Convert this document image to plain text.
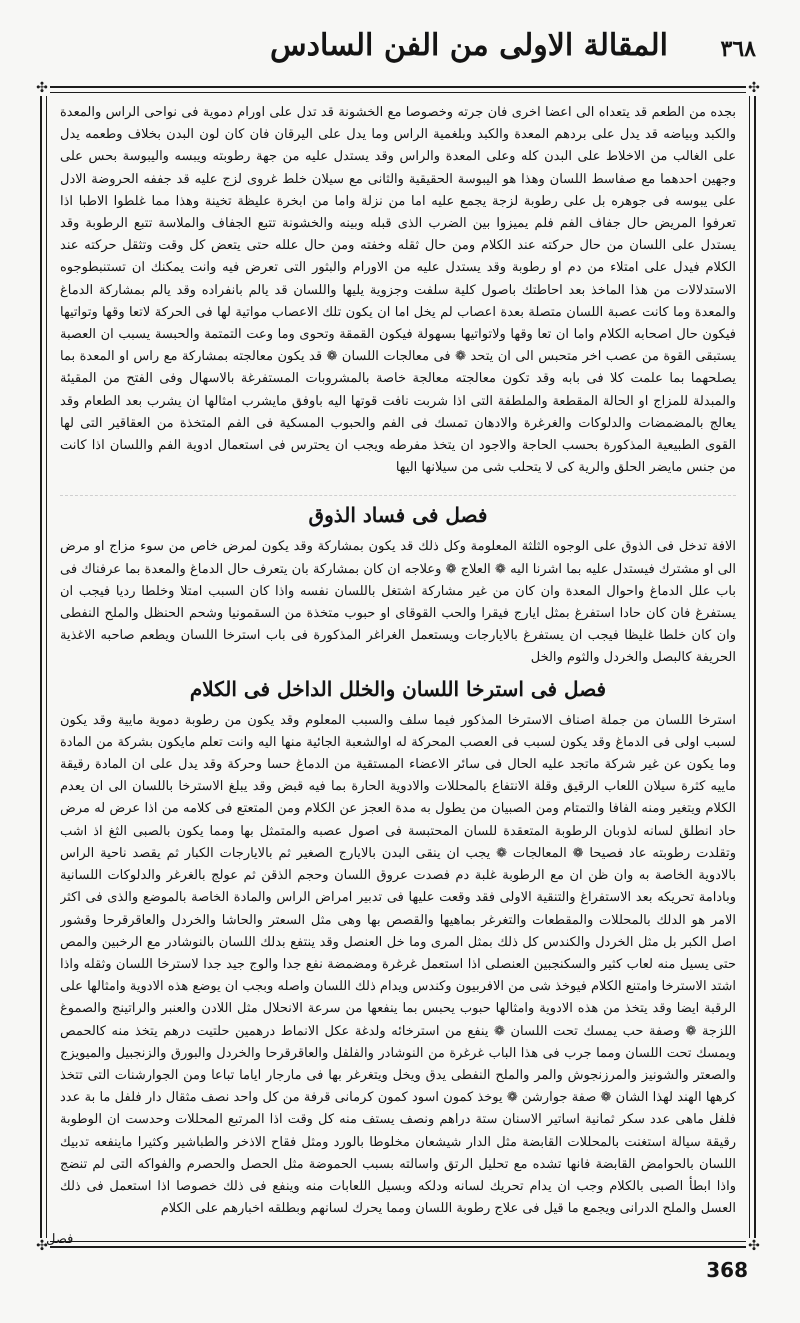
المقالة الاولى من الفن السادس ٣٦٨
✣	✣
✣	✣

بجده من الطعم قد يتعداه الى اعضا اخرى فان جرته وخصوصا مع الخشونة قد تدل على اورام دموية فى نواحى الراس والمعدة والكبد وبياضه قد يدل على بردهم المعدة والكبد وبلغمية الراس وما يدل على اليرقان فان كان لون البدن بخلاف وطعمه يدل على الغالب من الاخلاط على البدن كله وعلى المعدة والراس وقد يستدل عليه من جهة رطوبته ويبسه واليبوسة بحس على وجهين احدهما مع صفاسط اللسان وهذا هو اليبوسة الحقيقية والثانى مع سيلان خلط غروى لزج عليه قد جففه الحروضة الادل على يبوسه فى جوهره بل على رطوبة لزجة يجمع عليه اما من نزلة واما من ابخرة عليظة تخينة وهذا مما غلطوا الاطبا اذا تعرفوا المريض حال جفاف الفم فلم يميزوا بين الضرب الذى قبله وبينه والخشونة تتبع الجفاف والملاسة تتبع الرطوبة وقد يستدل على اللسان من حال حركته عند الكلام ومن حال ثقله وخفته ومن حال علله حتى يتعض كل وقت وتثقل حركته عند الكلام فيدل على امتلاء من دم او رطوبة وقد يستدل عليه من الاورام والبثور التى تعرض فيه وانت يمكنك ان تستنبطوجوه الاستدلالات من هذا الماخذ بعد احاطتك باصول كلية سلفت وجزوية يليها واللسان قد يالم بانفراده وقد يالم بمشاركة الدماغ والمعدة وما كانت عصبة اللسان متصلة بعدة اعصاب لم يخل اما ان يكون تلك الاعصاب مواتية لها فى الحركة لاتعا وقها وتواتيها فيكون حال اصحابه الكلام واما ان تعا وقها ولاتواتيها بسهولة فيكون القمقة وتحوى وما وعت التمتمة والحبسة يسبب ان العصبة يستبقى القوة من عصب اخر متحبس الى ان يتحد ❁ فى معالجات اللسان ❁ قد يكون معالجته بمشاركة مع راس او المعدة بما يصلحهما بما علمت كلا فى بابه وقد تكون معالجته معالجة خاصة بالمشروبات المستفرغة بالاسهال وفى الفتح من المقيئة والمبدلة للمزاج او الحالة المقطعة والملطفة التى اذا شربت نافت قوتها اليه باوفق مايشرب امثالها ان يشرب بعد الطعام وقد يعالج بالمضمضات والدلوكات والغرغرة والادهان تمسك فى الفم والحبوب المسكية فى الفم المتخذة من العقاقير التى لها القوى الطبيعية المذكورة بحسب الحاجة والاجود ان يتخذ مفرطه ويجب ان يحترس فى استعمال ادوية الفم واللسان اذا كانت من جنس مايضر الحلق والرية كى لا يتحلب شى من سيلانها اليها

فصل فى فساد الذوق

الافة تدخل فى الذوق على الوجوه الثلثة المعلومة وكل ذلك قد يكون بمشاركة وقد يكون لمرض خاص من سوء مزاج او مرض الى او مشترك فيستدل عليه بما اشرنا اليه ❁ العلاج ❁ وعلاجه ان كان بمشاركة بان يتعرف حال الدماغ والمعدة بما عرفناك فى باب علل الدماغ واحوال المعدة وان كان من غير مشاركة اشتغل باللسان نفسه واذا كان السبب امتلا وخلطا رديا فيجب ان يستفرغ فان كان حادا استفرغ بمثل ايارج فيقرا والحب القوقاى او حبوب متخذة من السقمونيا وشحم الحنظل والملح النفطى وان كان خلطا غليظا فيجب ان يستفرغ بالايارجات ويستعمل الغراغر المذكورة فى باب استرخا اللسان ويطعم صاحبه الاغذية الحريفة كالبصل والخردل والثوم والخل

فصل فى استرخا اللسان والخلل الداخل فى الكلام

استرخا اللسان من جملة اصناف الاسترخا المذكور فيما سلف والسبب المعلوم وقد يكون من رطوبة دموية مايية وقد يكون لسبب اولى فى الدماغ وقد يكون لسبب فى العصب المحركة له اوالشعبة الجائية منها اليه وانت تعلم مايكون بشركة من المادة وما يكون عن غير شركة ماتجد عليه الحال فى سائر الاعضاء المستقية من الدماغ حسا وحركة وقد يدل على ان المادة رقيقة ماييه كثرة سيلان اللعاب الرقيق وقلة الانتفاع بالمحللات والادوية الحارة بما فيه قبض وقد يبلغ الاسترخا باللسان الى ان يعدم الكلام ويتغير ومنه الفافا والتمتام ومن الصبيان من يطول به مدة العجز عن الكلام ومن المتعتع فى كلامه من اذا عرض له مرض حاد انطلق لسانه لذوبان الرطوبة المتعقدة للسان المحتبسة فى اصول عصبه والمتمثل بها ومما يكون بالصبى الثغ اذ اشب وتقلدت رطوبته عاد فصيحا ❁ المعالجات ❁ يجب ان ينقى البدن بالايارج الصغير ثم بالايارجات الكبار ثم يقصد ناحية الراس بالادوية الخاصة به وان ظن ان مع الرطوبة غلبة دم فصدت عروق اللسان وحجم الذقن ثم عولج بالغرغر والدلوكات اللسانية وبادامة تحريكه بعد الاستفراغ والتنقية الاولى فقد وقعت عليها فى تدبير امراض الراس والمادة الخاصة بالموضع والذى فى اكثر الامر هو الدلك بالمحللات والمقطعات والتغرغر بماهيها والقصص بها وهى مثل السعتر والحاشا والخردل والعاقرقرحا وقشور اصل الكبر بل مثل الخردل والكندس كل ذلك بمثل المرى وما خل العنصل وقد ينتفع بدلك اللسان بالنوشادر مع الرخبين والمص حتى يسيل منه لعاب كثير والسكنجبين العنصلى اذا استعمل غرغرة ومضمضة نفع جدا والوج جيد جدا لاسترخا اللسان وثقله واذا اشتد الاسترخا وامتنع الكلام فيوخذ شى من الافربيون وكندس ويدام ذلك اللسان واصله وبجب ان يوضع هذه الادوية وامثالها على الرقبة ايضا وقد يتخذ من هذه الادوية وامثالها حبوب يحبس بما ينفعها من سرعة الانحلال مثل اللادن والعنبر والراتينج والصموغ اللزجة ❁ وصفة حب يمسك تحت اللسان ❁ ينفع من استرخائه ولدغة عكل الانماط درهمين حلتيت درهم يتخذ منه كالحمص ويمسك تحت اللسان ومما جرب فى هذا الباب غرغرة من النوشادر والفلفل والعاقرقرحا والخردل والبورق والزنجبيل والميويزج والصعتر والشونيز والمرزنجوش والمر والملح النفطى يدق ويخل ويتغرغر بها فى مارجار اياما تباعا ومن الجوارشنات التى تتخذ كرهها الهند لهذا الشان ❁ صفة جوارشن ❁ يوخذ كمون اسود كمون كرمانى قرفة من كل واحد نصف مثقال دار فلفل ما بة عدد فلفل ماهى عدد سكر ثمانية اساتير الاسنان ستة دراهم ونصف يستف منه كل وقت اذا المرتبع المحللات وحدست ان الوطوبة رقيقة سيالة استغنت بالمحللات القابضة مثل الدار شيشعان مخلوطا بالورد ومثل فقاح الاذخر والطباشير وكثيرا ماينفعه تدبيك اللسان بالحوامض القابضة فانها تشده مع تحليل الرتق واسالته بسبب الحموضة مثل الحصل والحصرم والفواكه التى لم تنضج واذا ابطأ الصبى بالكلام وجب ان يدام تحريك لسانه ودلكه وبسيل اللعابات منه وينفع فى ذلك خصوصا اذا استعمل فى ذلك العسل والملح الدرانى ويجمع ما قيل فى علاج رطوبة اللسان ومما يحرك لسانهم وبطلقه اخبارهم على الكلام

فصل
368
